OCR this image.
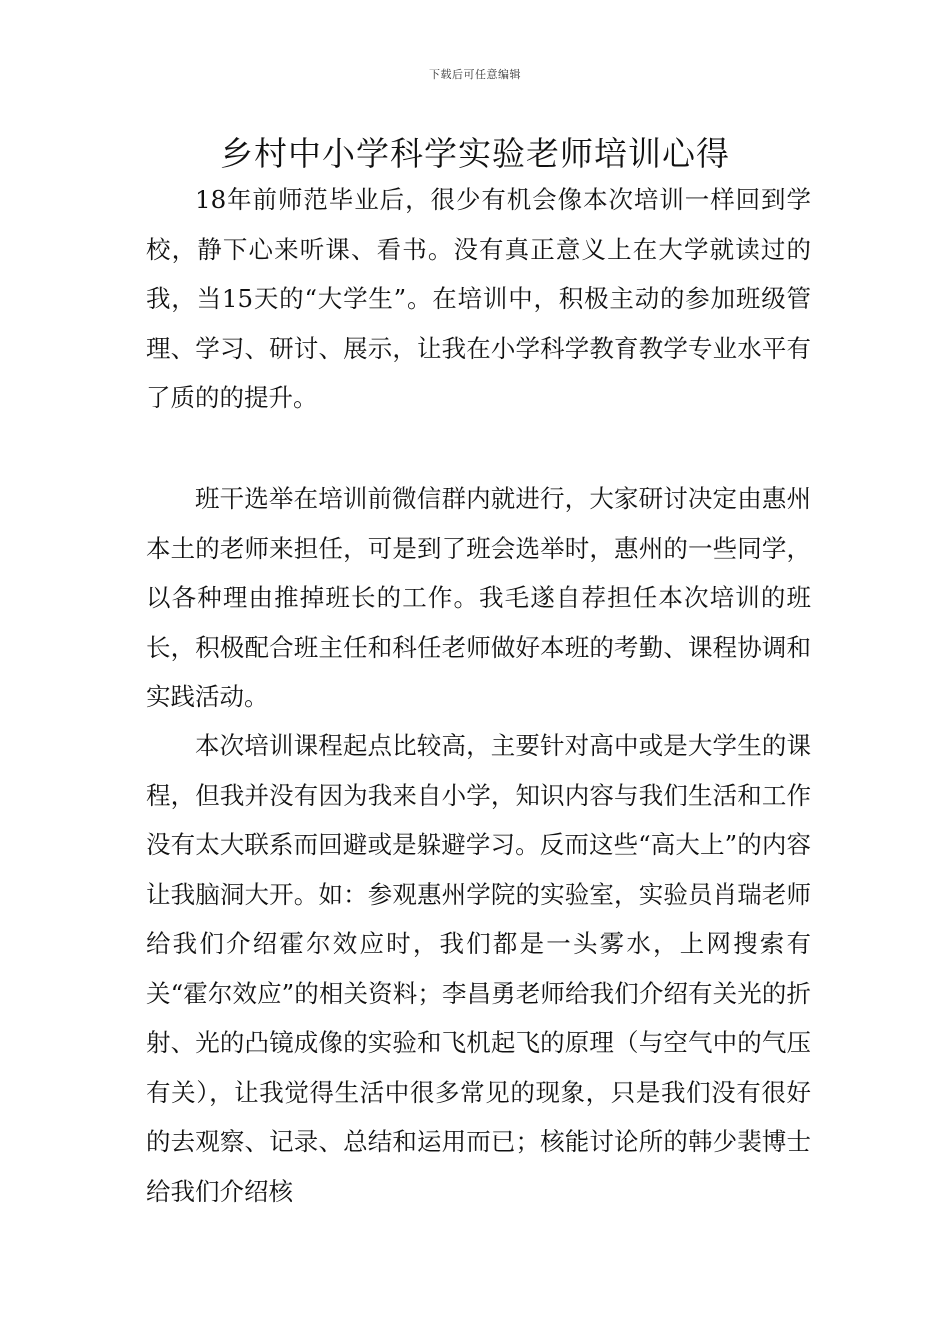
下载后可任意编辑
乡村中小学科学实验老师培训心得

18年前师范毕业后，很少有机会像本次培训一样回到学校，静下心来听课、看书。没有真正意义上在大学就读过的我，当15天的“大学生”。在培训中，积极主动的参加班级管理、学习、研讨、展示，让我在小学科学教育教学专业水平有了质的的提升。

班干选举在培训前微信群内就进行，大家研讨决定由惠州本土的老师来担任，可是到了班会选举时，惠州的一些同学，以各种理由推掉班长的工作。我毛遂自荐担任本次培训的班长，积极配合班主任和科任老师做好本班的考勤、课程协调和实践活动。

本次培训课程起点比较高，主要针对高中或是大学生的课程，但我并没有因为我来自小学，知识内容与我们生活和工作没有太大联系而回避或是躲避学习。反而这些“高大上”的内容让我脑洞大开。如：参观惠州学院的实验室，实验员肖瑞老师给我们介绍霍尔效应时，我们都是一头雾水，上网搜索有关“霍尔效应”的相关资料；李昌勇老师给我们介绍有关光的折射、光的凸镜成像的实验和飞机起飞的原理（与空气中的气压有关），让我觉得生活中很多常见的现象，只是我们没有很好的去观察、记录、总结和运用而已；核能讨论所的韩少裴博士给我们介绍核
